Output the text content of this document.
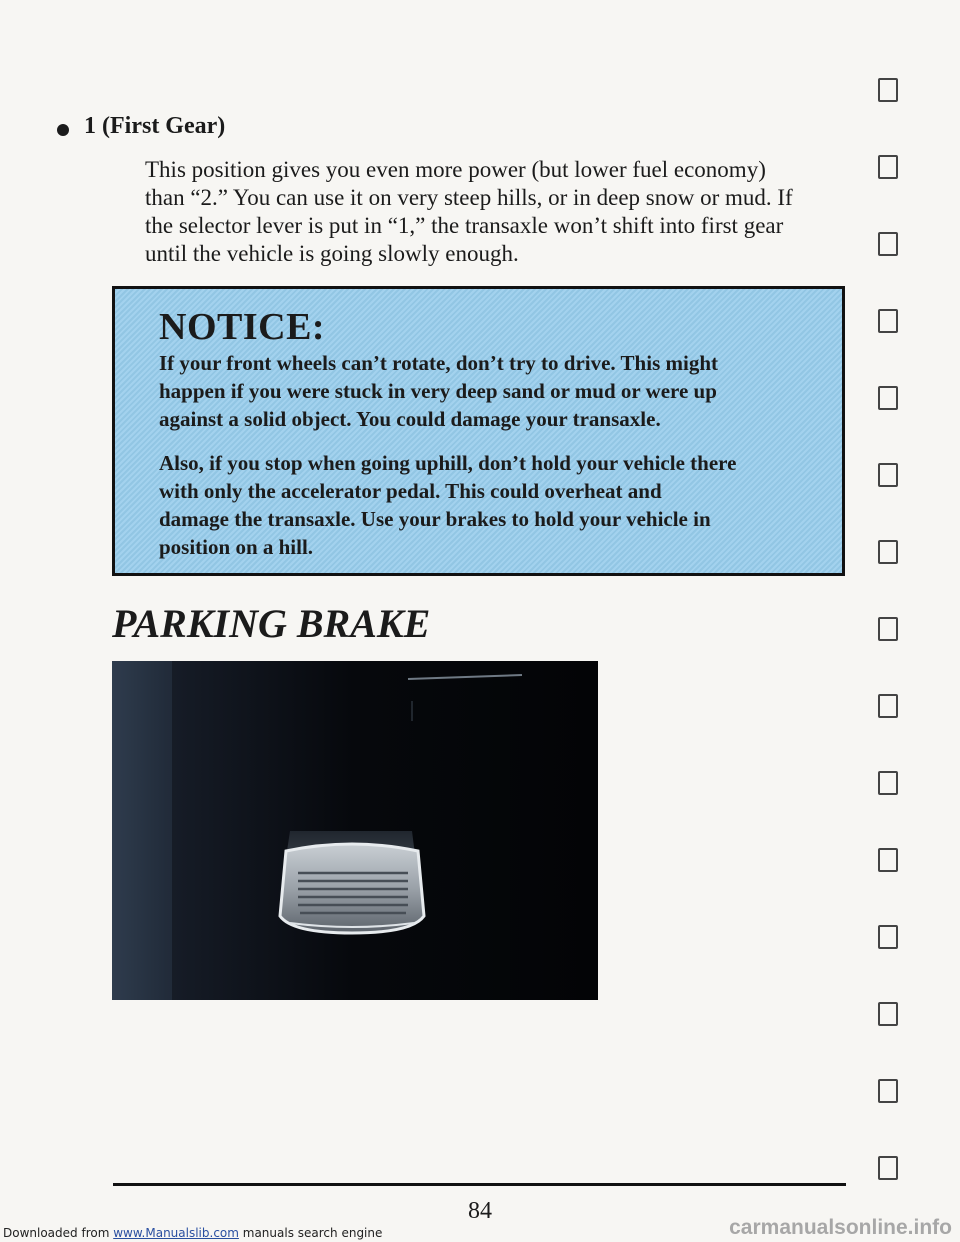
1 (First Gear)

This position gives you even more power (but lower fuel economy)
than “2.” You can use it on very steep hills, or in deep snow or mud. If
the selector lever is put in “1,” the transaxle won’t shift into first gear
until the vehicle is going slowly enough.

NOTICE:

If your front wheels can’t rotate, don’t try to drive. This might
happen if you were stuck in very deep sand or mud or were up
against a solid object. You could damage your transaxle.

Also, if you stop when going uphill, don’t hold your vehicle there
with only the accelerator pedal. This could overheat and
damage the transaxle. Use your brakes to hold your vehicle in
position on a hill.

PARKING BRAKE
84
Downloaded from www.Manualslib.com manuals search engine	carmanualsonline.info
